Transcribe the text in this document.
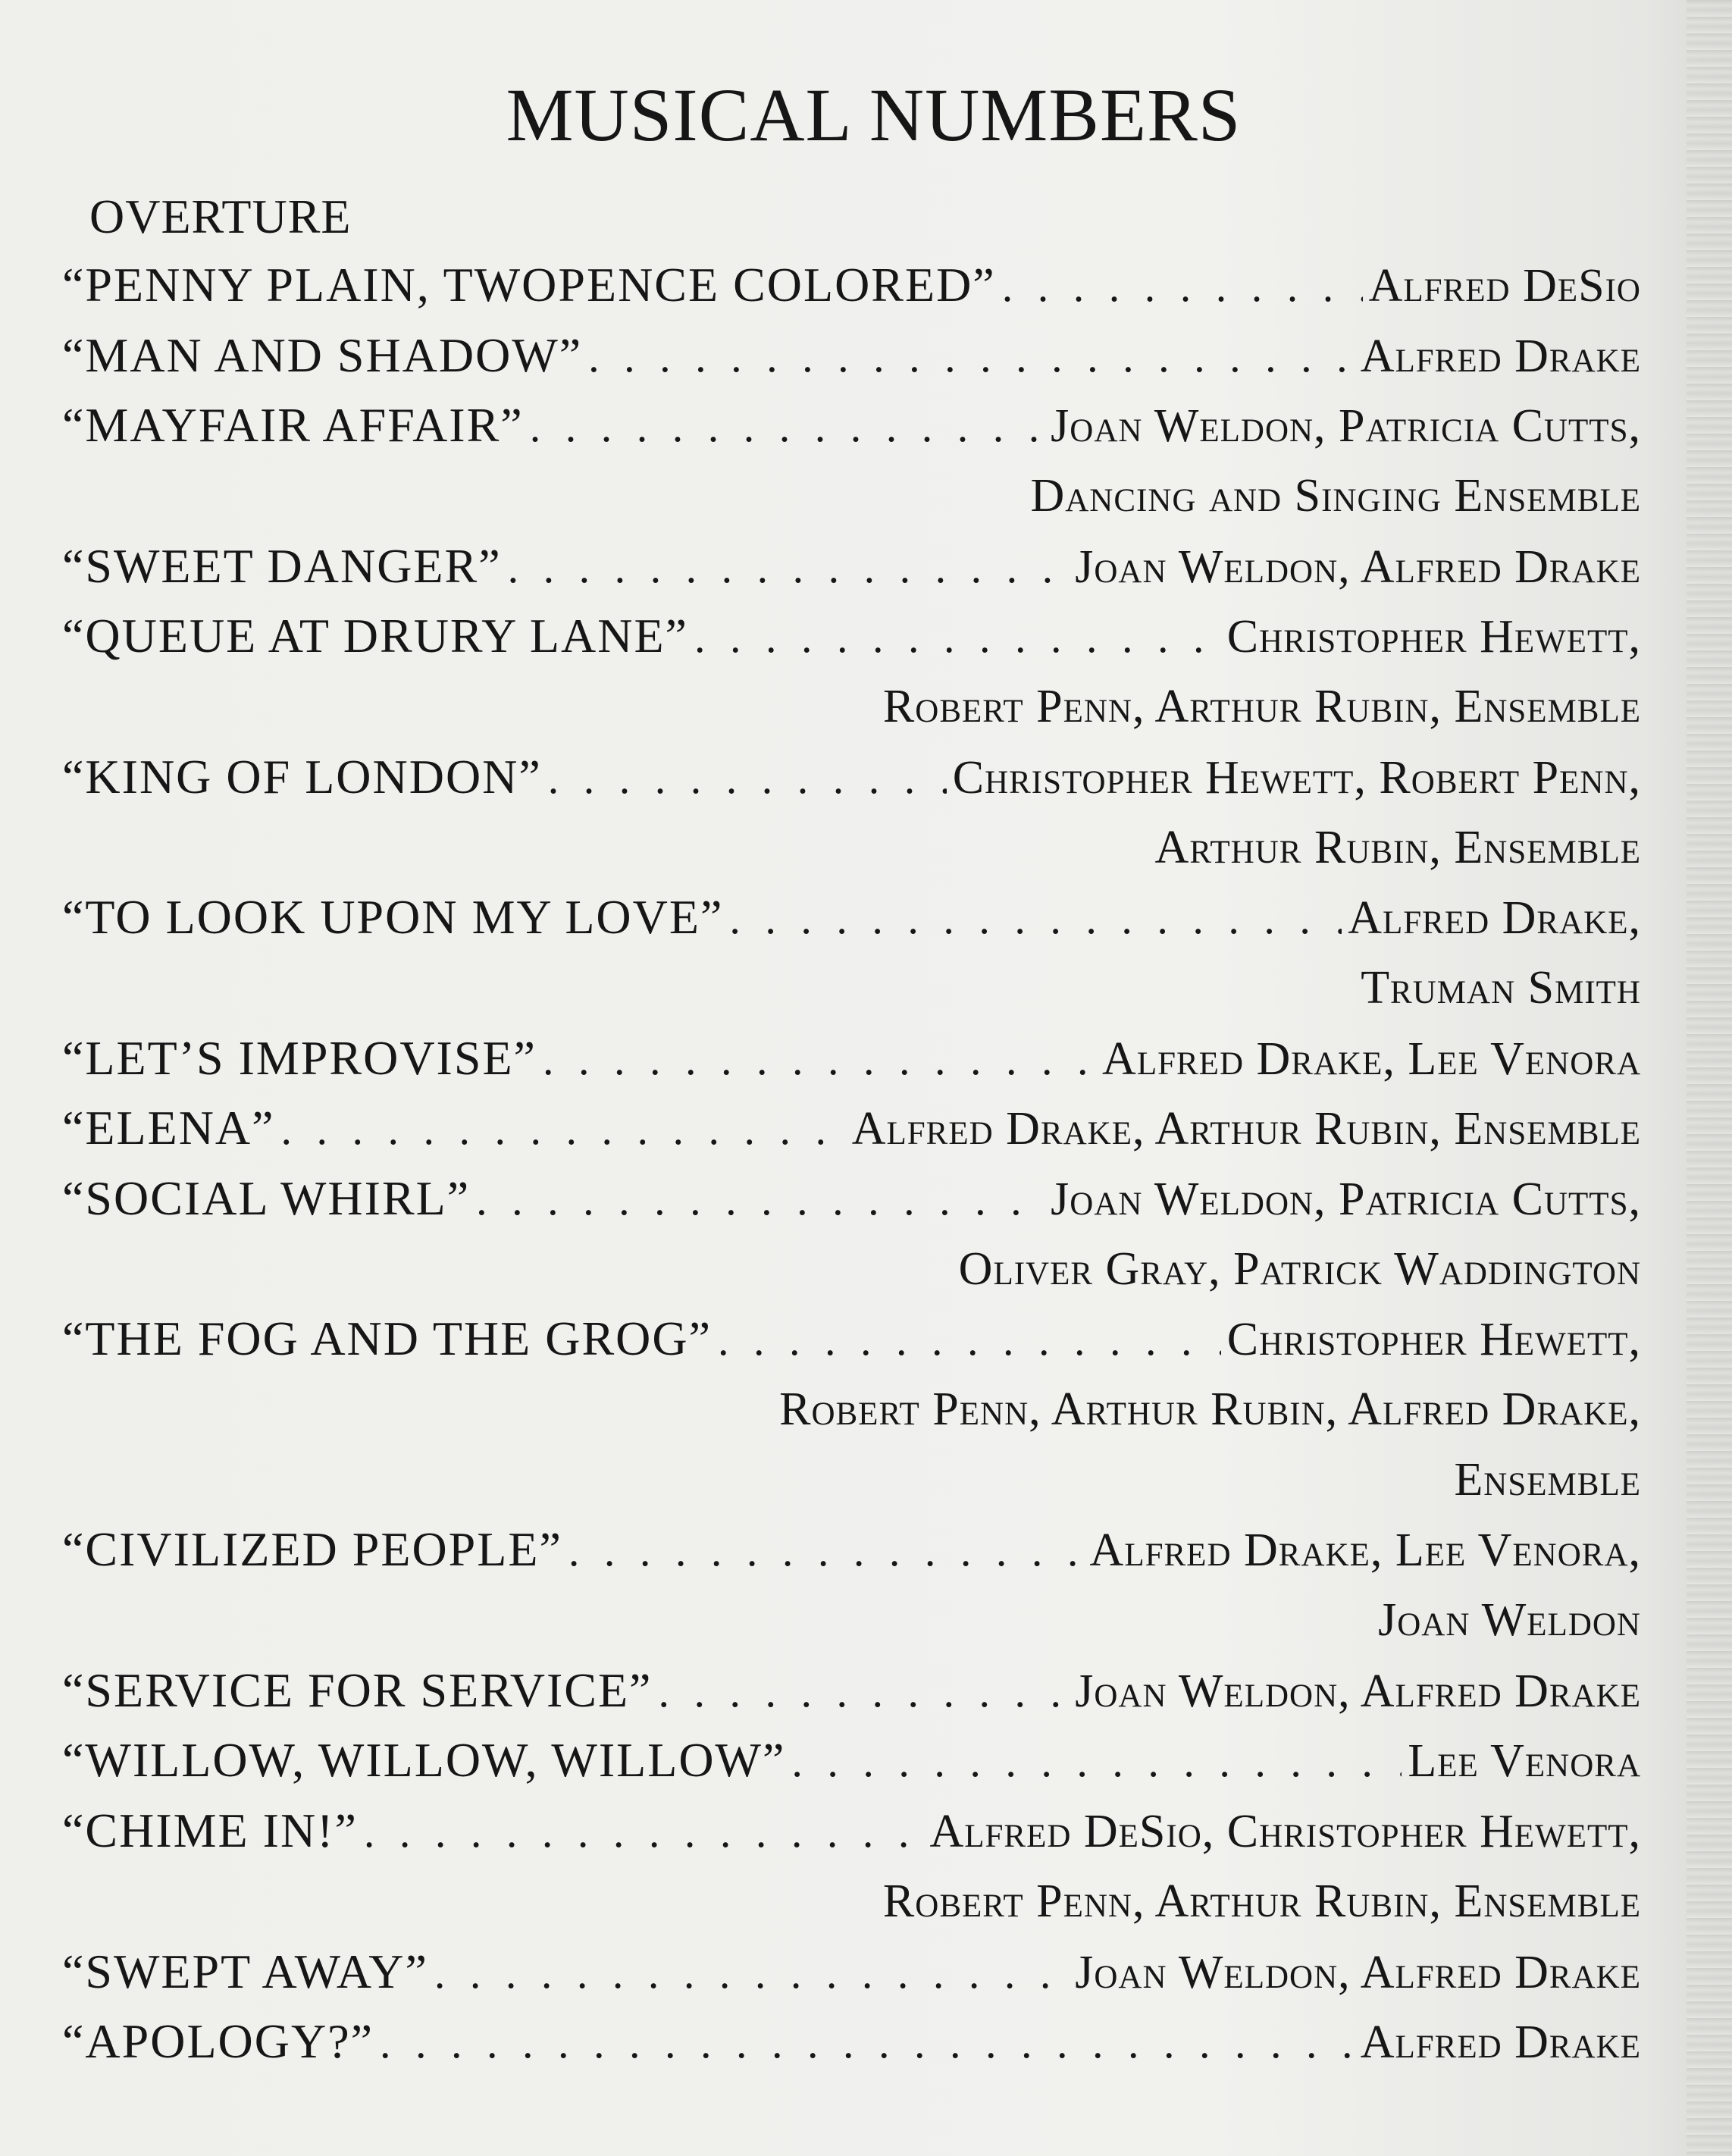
MUSICAL NUMBERS
OVERTURE
“PENNY PLAIN, TWOPENCE COLORED” . . .	Alfred DeSio
“MAN AND SHADOW” . . .	Alfred Drake
“MAYFAIR AFFAIR” . . .	Joan Weldon, Patricia Cutts,
Dancing and Singing Ensemble
“SWEET DANGER” . . .	Joan Weldon, Alfred Drake
“QUEUE AT DRURY LANE” . . .	Christopher Hewett,
Robert Penn, Arthur Rubin, Ensemble
“KING OF LONDON” . . .	Christopher Hewett, Robert Penn,
Arthur Rubin, Ensemble
“TO LOOK UPON MY LOVE” . . .	Alfred Drake,
Truman Smith
“LET’S IMPROVISE” . . .	Alfred Drake, Lee Venora
“ELENA” . . .	Alfred Drake, Arthur Rubin, Ensemble
“SOCIAL WHIRL” . . .	Joan Weldon, Patricia Cutts,
Oliver Gray, Patrick Waddington
“THE FOG AND THE GROG” . . .	Christopher Hewett,
Robert Penn, Arthur Rubin, Alfred Drake,
Ensemble
“CIVILIZED PEOPLE” . . .	Alfred Drake, Lee Venora,
Joan Weldon
“SERVICE FOR SERVICE” . . .	Joan Weldon, Alfred Drake
“WILLOW, WILLOW, WILLOW” . . .	Lee Venora
“CHIME IN!” . . .	Alfred DeSio, Christopher Hewett,
Robert Penn, Arthur Rubin, Ensemble
“SWEPT AWAY” . . .	Joan Weldon, Alfred Drake
“APOLOGY?” . . .	Alfred Drake
